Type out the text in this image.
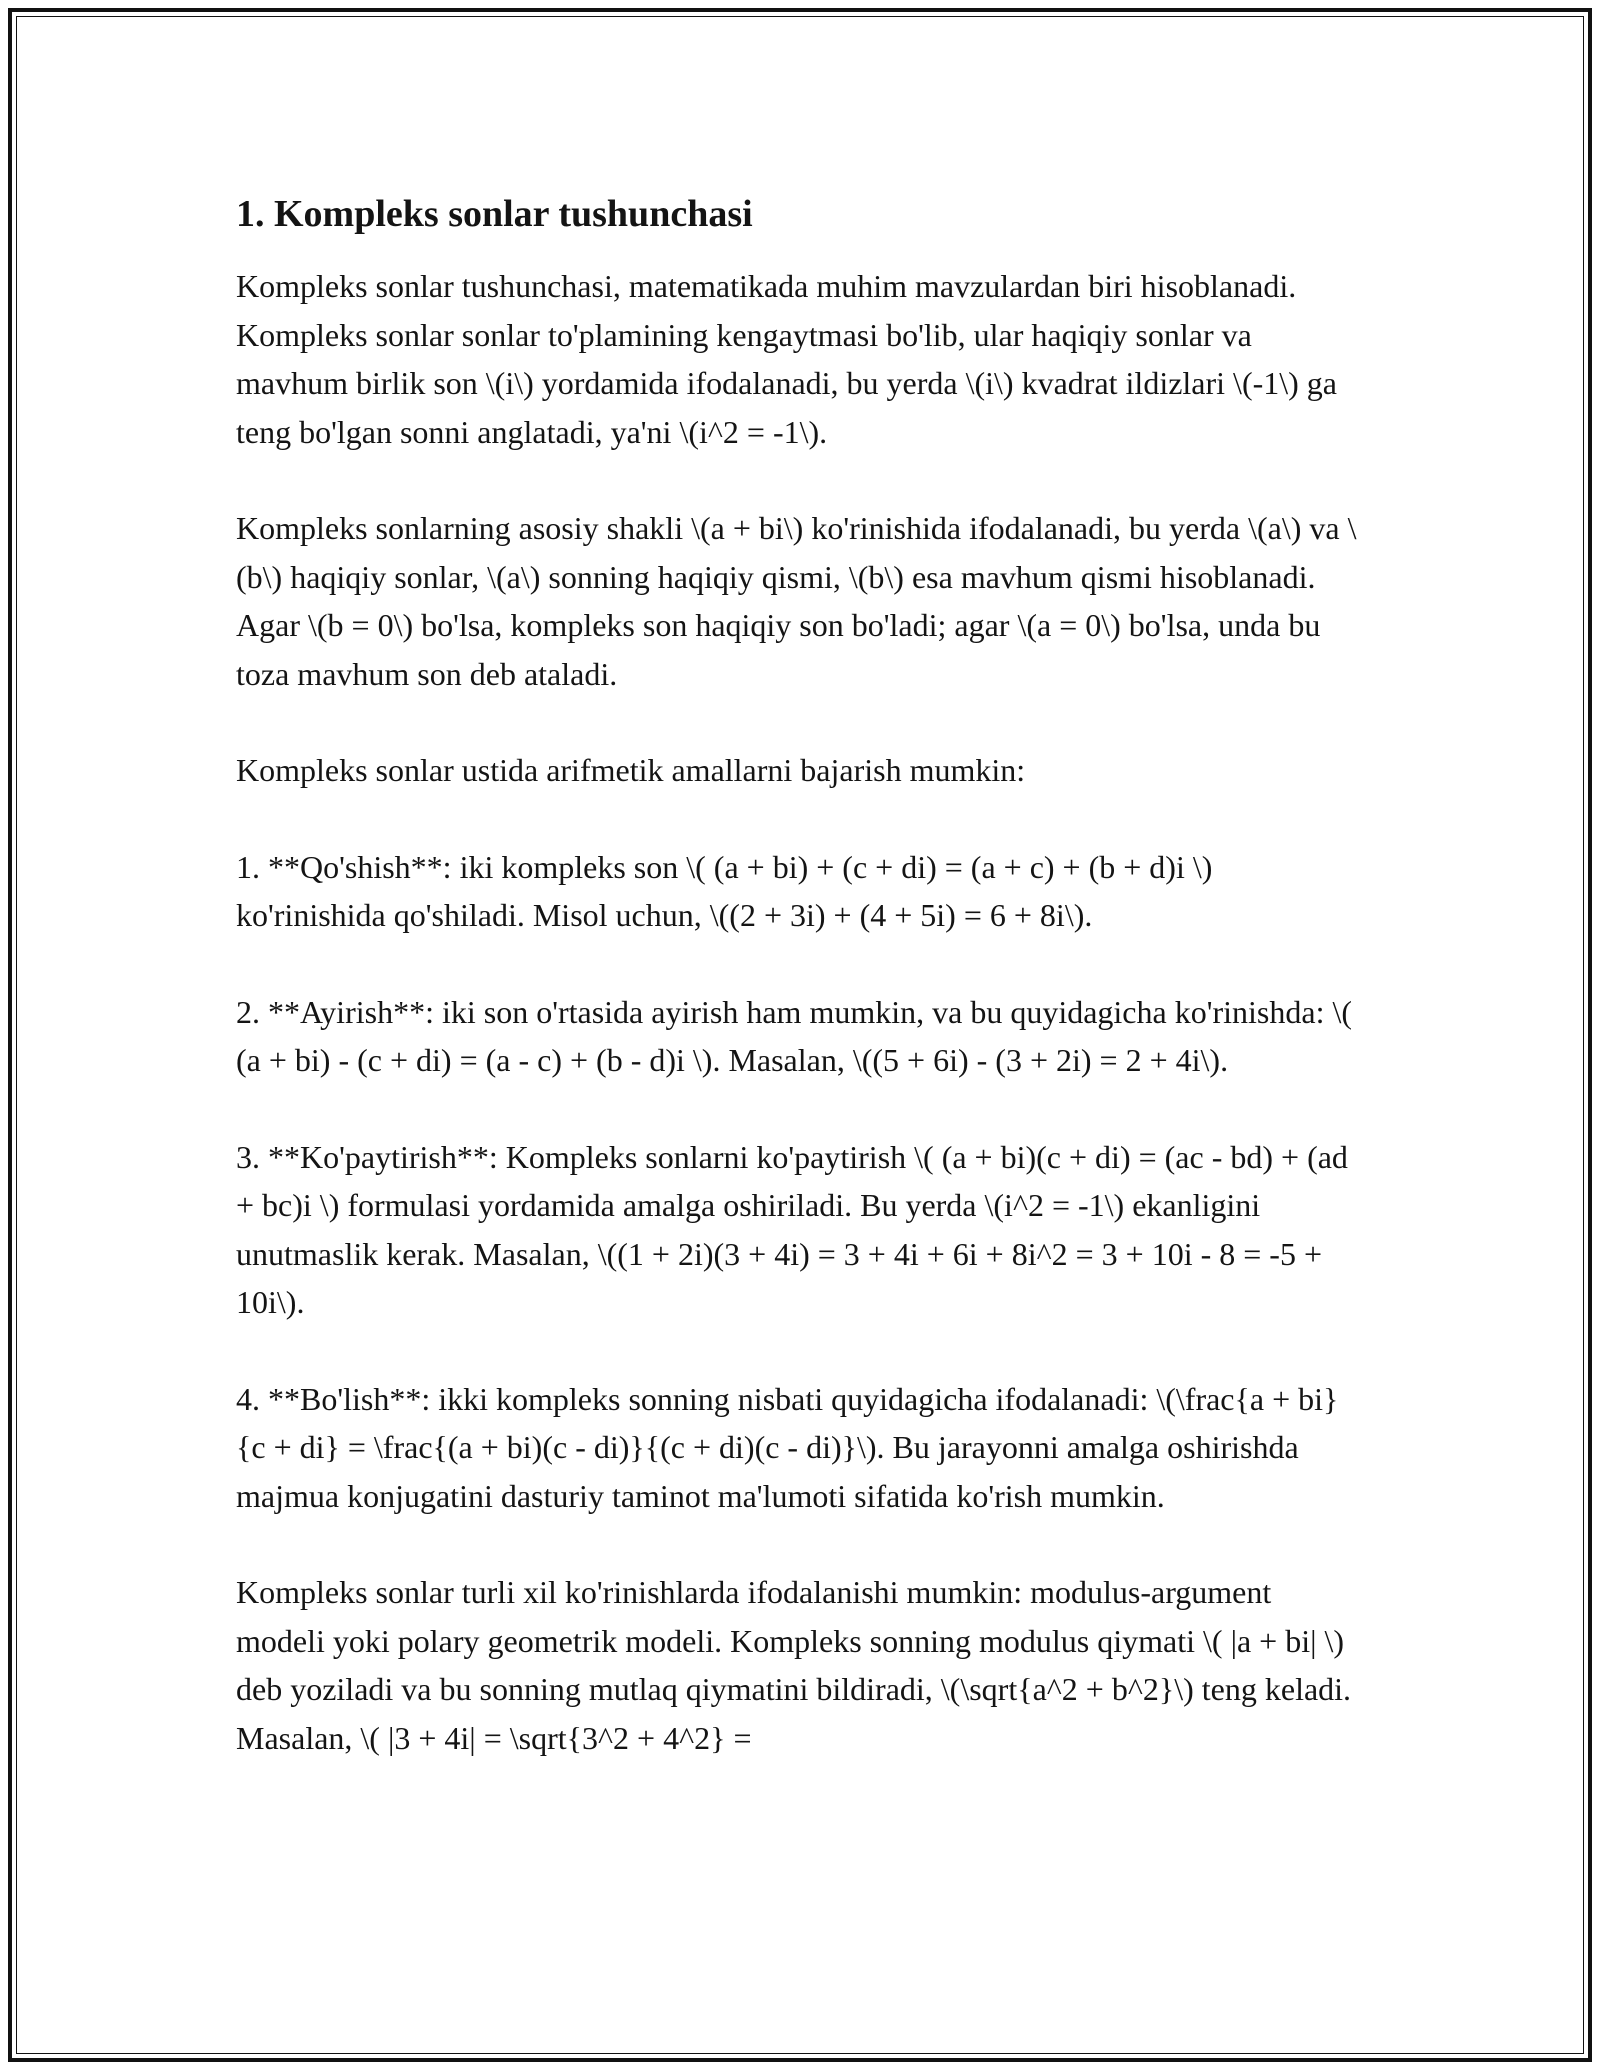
1. Kompleks sonlar tushunchasi

Kompleks sonlar tushunchasi, matematikada muhim mavzulardan biri hisoblanadi. Kompleks sonlar sonlar to'plamining kengaytmasi bo'lib, ular haqiqiy sonlar va mavhum birlik son \(i\) yordamida ifodalanadi, bu yerda \(i\) kvadrat ildizlari \(-1\) ga teng bo'lgan sonni anglatadi, ya'ni \(i^2 = -1\).

Kompleks sonlarning asosiy shakli \(a + bi\) ko'rinishida ifodalanadi, bu yerda \(a\) va \(b\) haqiqiy sonlar, \(a\) sonning haqiqiy qismi, \(b\) esa mavhum qismi hisoblanadi. Agar \(b = 0\) bo'lsa, kompleks son haqiqiy son bo'ladi; agar \(a = 0\) bo'lsa, unda bu toza mavhum son deb ataladi.

Kompleks sonlar ustida arifmetik amallarni bajarish mumkin:

1. **Qo'shish**: iki kompleks son \( (a + bi) + (c + di) = (a + c) + (b + d)i \) ko'rinishida qo'shiladi. Misol uchun, \((2 + 3i) + (4 + 5i) = 6 + 8i\).

2. **Ayirish**: iki son o'rtasida ayirish ham mumkin, va bu quyidagicha ko'rinishda: \( (a + bi) - (c + di) = (a - c) + (b - d)i \). Masalan, \((5 + 6i) - (3 + 2i) = 2 + 4i\).

3. **Ko'paytirish**: Kompleks sonlarni ko'paytirish \( (a + bi)(c + di) = (ac - bd) + (ad + bc)i \) formulasi yordamida amalga oshiriladi. Bu yerda \(i^2 = -1\) ekanligini unutmaslik kerak. Masalan, \((1 + 2i)(3 + 4i) = 3 + 4i + 6i + 8i^2 = 3 + 10i - 8 = -5 + 10i\).

4. **Bo'lish**: ikki kompleks sonning nisbati quyidagicha ifodalanadi: \(\frac{a + bi}{c + di} = \frac{(a + bi)(c - di)}{(c + di)(c - di)}\). Bu jarayonni amalga oshirishda majmua konjugatini dasturiy taminot ma'lumoti sifatida ko'rish mumkin.

Kompleks sonlar turli xil ko'rinishlarda ifodalanishi mumkin: modulus-argument modeli yoki polary geometrik modeli. Kompleks sonning modulus qiymati \( |a + bi| \) deb yoziladi va bu sonning mutlaq qiymatini bildiradi, \(\sqrt{a^2 + b^2}\) teng keladi. Masalan, \( |3 + 4i| = \sqrt{3^2 + 4^2} =
